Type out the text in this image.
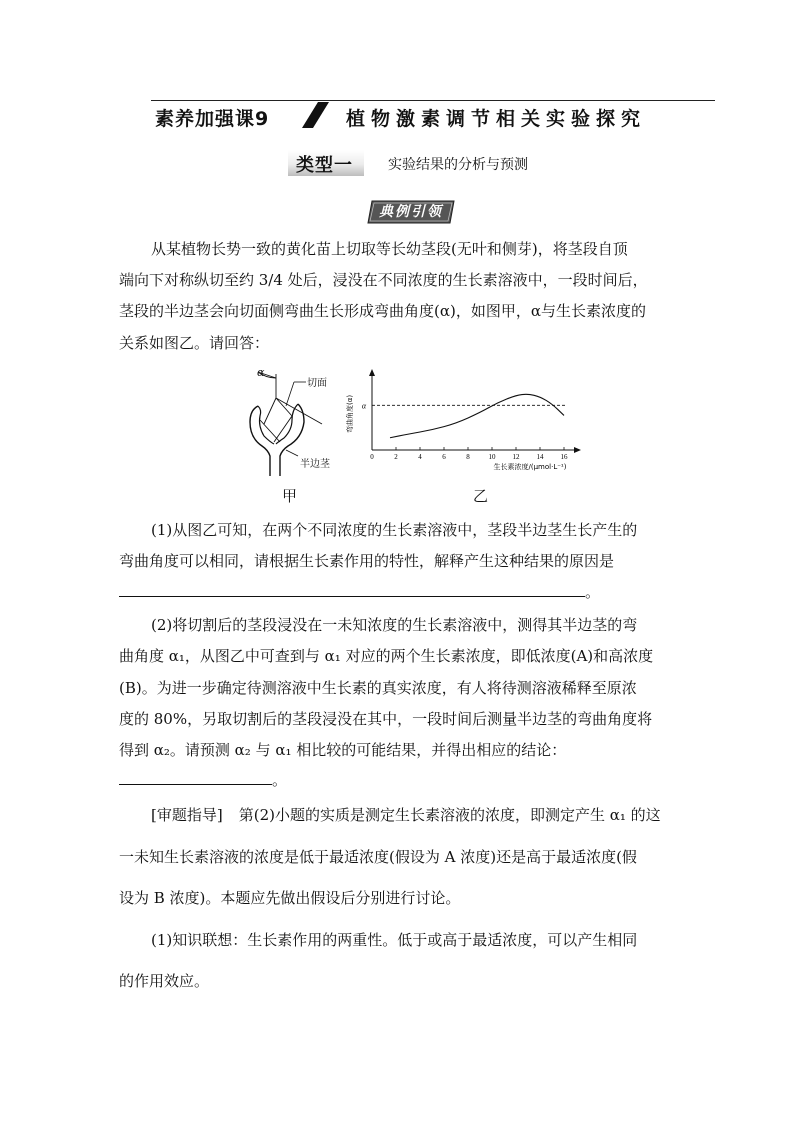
素养加强课9	植物激素调节相关实验探究
类型一	实验结果的分析与预测
典例引领
从某植物长势一致的黄化苗上切取等长幼茎段(无叶和侧芽)，将茎段自顶
端向下对称纵切至约 3/4 处后，浸没在不同浓度的生长素溶液中，一段时间后，
茎段的半边茎会向切面侧弯曲生长形成弯曲角度(α)，如图甲，α与生长素浓度的
关系如图乙。请回答：
α
切面
半边茎
0	2	4	6	8	10 12 14 16
α
生长素浓度/(μmol·L⁻¹)
弯曲角度(α)
甲	乙
(1)从图乙可知，在两个不同浓度的生长素溶液中，茎段半边茎生长产生的
弯曲角度可以相同，请根据生长素作用的特性，解释产生这种结果的原因是
。
(2)将切割后的茎段浸没在一未知浓度的生长素溶液中，测得其半边茎的弯
曲角度 α₁，从图乙中可查到与 α₁ 对应的两个生长素浓度，即低浓度(A)和高浓度
(B)。为进一步确定待测溶液中生长素的真实浓度，有人将待测溶液稀释至原浓
度的 80%，另取切割后的茎段浸没在其中，一段时间后测量半边茎的弯曲角度将
得到 α₂。请预测 α₂ 与 α₁ 相比较的可能结果，并得出相应的结论：
。
[审题指导] 第(2)小题的实质是测定生长素溶液的浓度，即测定产生 α₁ 的这
一未知生长素溶液的浓度是低于最适浓度(假设为 A 浓度)还是高于最适浓度(假
设为 B 浓度)。本题应先做出假设后分别进行讨论。
(1)知识联想：生长素作用的两重性。低于或高于最适浓度，可以产生相同
的作用效应。
